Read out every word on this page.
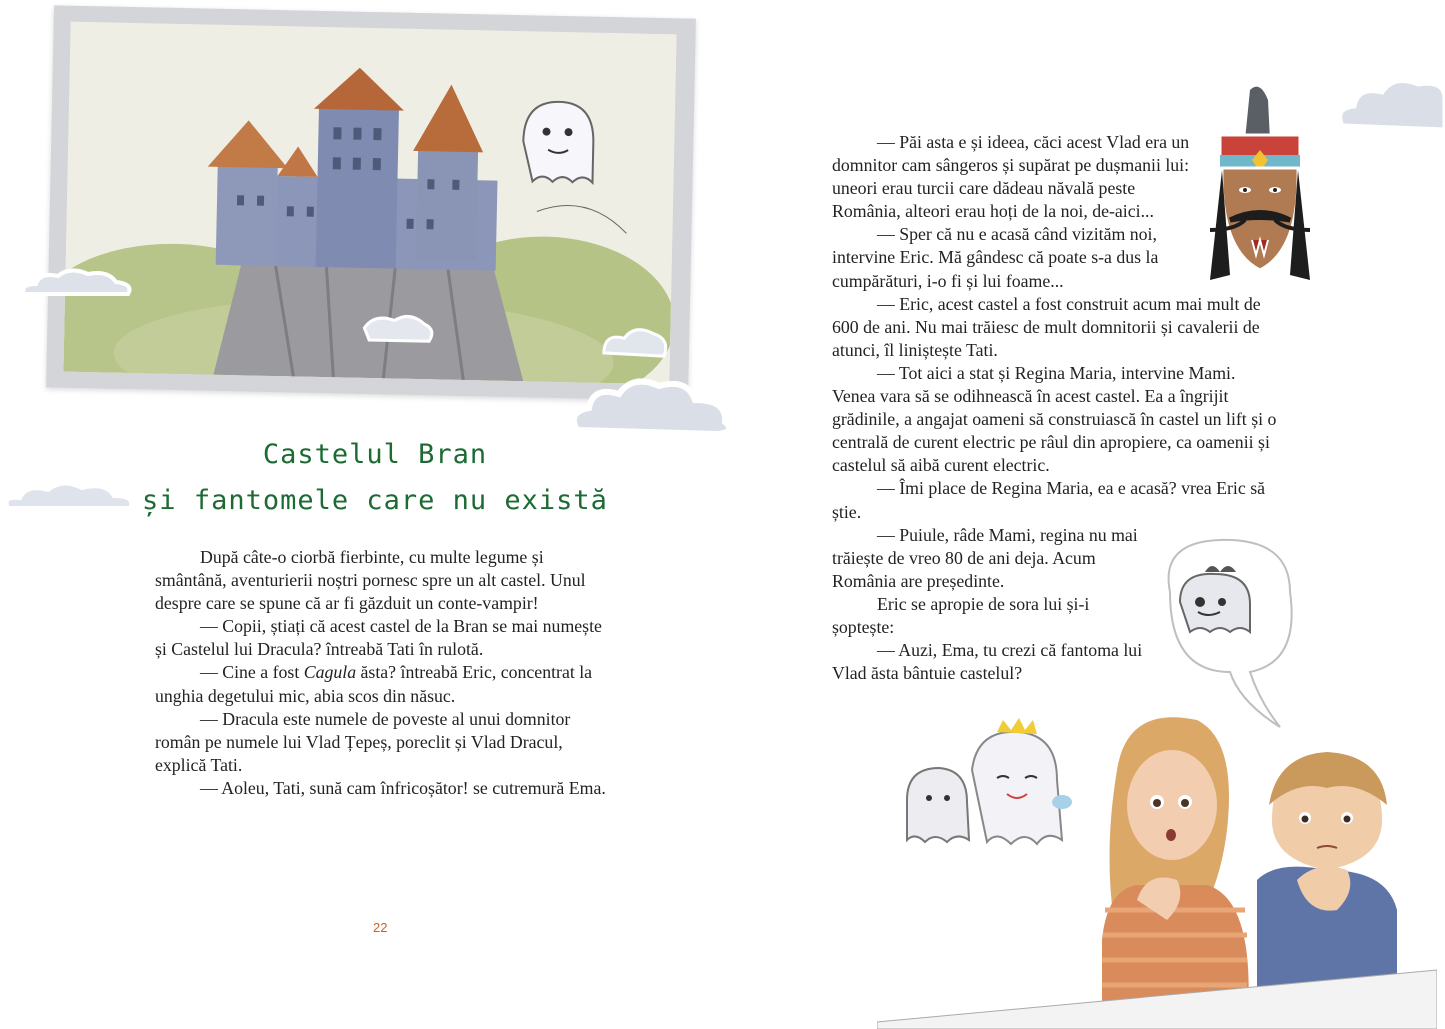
Castelul Bran
și fantomele care nu există

După câte-o ciorbă fierbinte, cu multe legume și smântână, aventurierii noștri pornesc spre un alt castel. Unul despre care se spune că ar fi găzduit un conte-vampir!

— Copii, știați că acest castel de la Bran se mai numește și Castelul lui Dracula? întreabă Tati în rulotă.

— Cine a fost Cagula ăsta? întreabă Eric, concentrat la unghia degetului mic, abia scos din năsuc.

— Dracula este numele de poveste al unui domnitor român pe numele lui Vlad Țepeș, poreclit și Vlad Dracul, explică Tati.

— Aoleu, Tati, sună cam înfricoșător! se cutremură Ema.

22

— Păi asta e și ideea, căci acest Vlad era un domnitor cam sângeros și supărat pe dușmanii lui: uneori erau turcii care dădeau năvală peste România, alteori erau hoți de la noi, de-aici...

— Sper că nu e acasă când vizităm noi, intervine Eric. Mă gândesc că poate s-a dus la cumpărături, i-o fi și lui foame...

— Eric, acest castel a fost construit acum mai mult de 600 de ani. Nu mai trăiesc de mult domnitorii și cavalerii de atunci, îl liniștește Tati.

— Tot aici a stat și Regina Maria, intervine Mami. Venea vara să se odihnească în acest castel. Ea a îngrijit grădinile, a angajat oameni să construiască în castel un lift și o centrală de curent electric pe râul din apropiere, ca oamenii și castelul să aibă curent electric.

— Îmi place de Regina Maria, ea e acasă? vrea Eric să știe.

— Puiule, râde Mami, regina nu mai trăiește de vreo 80 de ani deja. Acum România are președinte.

Eric se apropie de sora lui și-i șoptește:

— Auzi, Ema, tu crezi că fantoma lui Vlad ăsta bântuie castelul?
